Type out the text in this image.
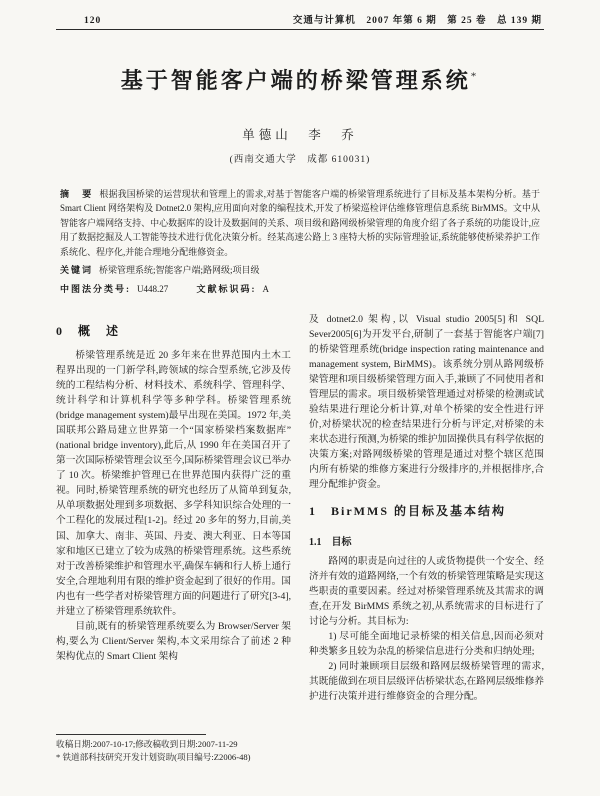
120	交通与计算机　2007 年第 6 期　第 25 卷　总 139 期
基于智能客户端的桥梁管理系统*
单德山　李　乔
(西南交通大学　成都 610031)
摘　要 根据我国桥梁的运营现状和管理上的需求,对基于智能客户端的桥梁管理系统进行了目标及基本架构分析。基于 Smart Client 网络架构及 Dotnet2.0 架构,应用面向对象的编程技术,开发了桥梁巡检评估维修管理信息系统 BirMMS。文中从智能客户端网络支持、中心数据库的设计及数据间的关系、项目级和路网级桥梁管理的角度介绍了各子系统的功能设计,应用了数据挖掘及人工智能等技术进行优化决策分析。经某高速公路上 3 座特大桥的实际管理验证,系统能够使桥梁养护工作系统化、程序化,并能合理地分配维修资金。
关键词 桥梁管理系统;智能客户端;路网级;项目级
中图法分类号: U448.27	文献标识码: A
0　概　述

桥梁管理系统是近 20 多年来在世界范围内土木工程界出现的一门新学科,跨领域的综合型系统,它涉及传统的工程结构分析、材料技术、系统科学、管理科学、统计科学和计算机科学等多种学科。桥梁管理系统(bridge management system)最早出现在美国。1972 年,美国联邦公路局建立世界第一个“国家桥梁档案数据库”(national bridge inventory),此后,从 1990 年在美国召开了第一次国际桥梁管理会议至今,国际桥梁管理会议已举办了 10 次。桥梁维护管理已在世界范围内获得广泛的重视。同时,桥梁管理系统的研究也经历了从简单到复杂,从单项数据处理到多项数据、多学科知识综合处理的一个工程化的发展过程[1-2]。经过 20 多年的努力,目前,美国、加拿大、南非、英国、丹麦、澳大利亚、日本等国家和地区已建立了较为成熟的桥梁管理系统。这些系统对于改善桥梁维护和管理水平,确保车辆和行人桥上通行安全,合理地利用有限的维护资金起到了很好的作用。国内也有一些学者对桥梁管理方面的问题进行了研究[3-4],并建立了桥梁管理系统软件。

目前,既有的桥梁管理系统要么为 Browser/Server 架构,要么为 Client/Server 架构,本文采用综合了前述 2 种架构优点的 Smart Client 架构

收稿日期:2007-10-17;修改稿收到日期:2007-11-29

* 铁道部科技研究开发计划资助(项目编号:Z2006-48)

及 dotnet2.0 架构,以 Visual studio 2005[5]和 SQL Sever2005[6]为开发平台,研制了一套基于智能客户端[7]的桥梁管理系统(bridge inspection rating maintenance and management system, BirMMS)。该系统分别从路网级桥梁管理和项目级桥梁管理方面入手,兼顾了不同使用者和管理层的需求。项目级桥梁管理通过对桥梁的检测或试验结果进行理论分析计算,对单个桥梁的安全性进行评价,对桥梁状况的检查结果进行分析与评定,对桥梁的未来状态进行预测,为桥梁的维护加固操供具有科学依据的决策方案;对路网级桥梁的管理是通过对整个辖区范围内所有桥梁的维修方案进行分级排序的,并根据排序,合理分配维护资金。

1　BirMMS 的目标及基本结构
1.1　目标

路网的职责是向过往的人或货物提供一个安全、经济并有效的道路网络,一个有效的桥梁管理策略是实现这些职责的重要因素。经过对桥梁管理系统及其需求的调查,在开发 BirMMS 系统之初,从系统需求的目标进行了讨论与分析。其目标为:

1) 尽可能全面地记录桥梁的相关信息,因而必须对种类繁多且较为杂乱的桥梁信息进行分类和归纳处理;

2) 同时兼顾项目层级和路网层级桥梁管理的需求,其既能做到在项目层级评估桥梁状态,在路网层级维修养护进行决策并进行维修资金的合理分配。
